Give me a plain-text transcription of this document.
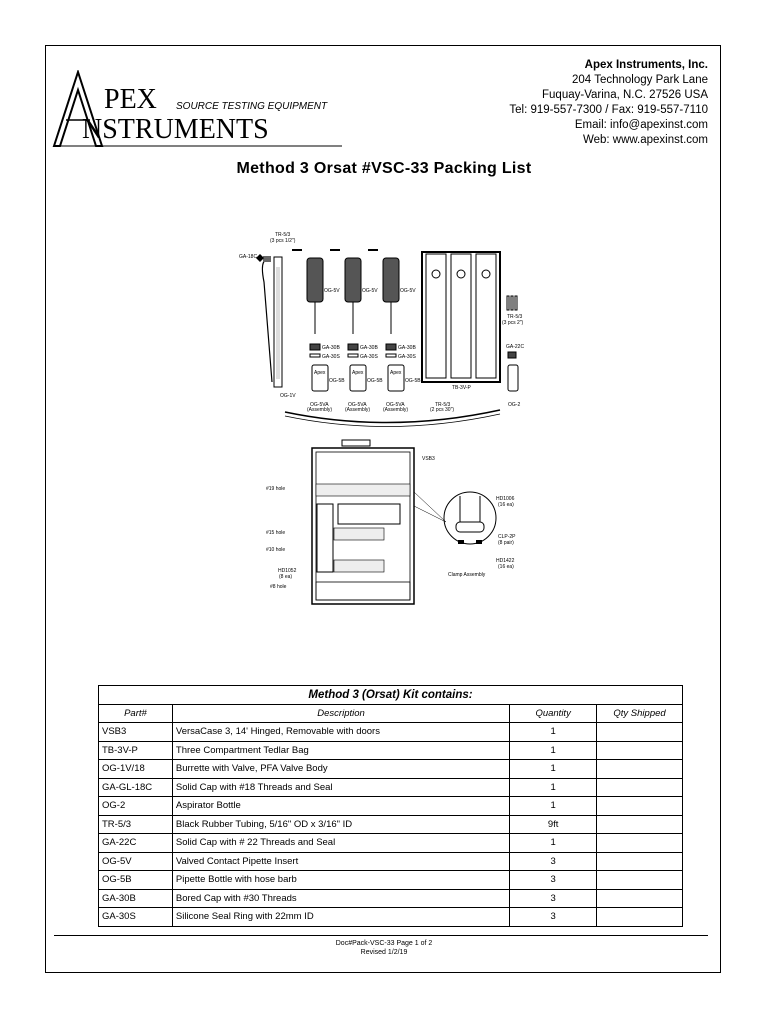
PEX SOURCE TESTING EQUIPMENT
NSTRUMENTS
Apex Instruments, Inc.
204 Technology Park Lane
Fuquay-Varina, N.C. 27526 USA
Tel: 919-557-7300 / Fax: 919-557-7110
Email: info@apexinst.com
Web: www.apexinst.com
Method 3 Orsat #VSC-33 Packing List
TR-5/3
(3 pcs 1/2")
GA-18C
OG-1V
OG-5V	OG-5V	OG-5V
GA-30B	GA-30B	GA-30B
GA-30S	GA-30S	GA-30S
OG-5B	OG-5B	OG-5B
Apex	Apex	Apex
OG-5VA
(Assembly)
OG-5VA
(Assembly)
OG-5VA
(Assembly)
TB-3V-P
TR-5/3
(3 pcs 2")
GA-22C
OG-2
TR-5/3
(2 pcs 30")
VSB3
#19 hole
#15 hole
#10 hole
HD1052
(8 ea)
#8 hole
HD1006
(16 ea)
CLP-2P
(8 pair)
HD1422
(16 ea)
Clamp Assembly
Method 3 (Orsat) Kit contains:			
Part#	Description	Quantity	Qty Shipped
VSB3	VersaCase 3, 14' Hinged, Removable with doors	1	
TB-3V-P	Three Compartment Tedlar Bag	1	
OG-1V/18	Burrette with Valve, PFA Valve Body	1	
GA-GL-18C	Solid Cap with #18 Threads and Seal	1	
OG-2	Aspirator Bottle	1	
TR-5/3	Black Rubber Tubing, 5/16" OD x 3/16" ID	9ft	
GA-22C	Solid Cap with # 22 Threads and Seal	1	
OG-5V	Valved Contact Pipette Insert	3	
OG-5B	Pipette Bottle with hose barb	3	
GA-30B	Bored Cap with #30 Threads	3	
GA-30S	Silicone Seal Ring with 22mm ID	3	
Doc#Pack-VSC-33 Page 1 of 2
Revised 1/2/19
